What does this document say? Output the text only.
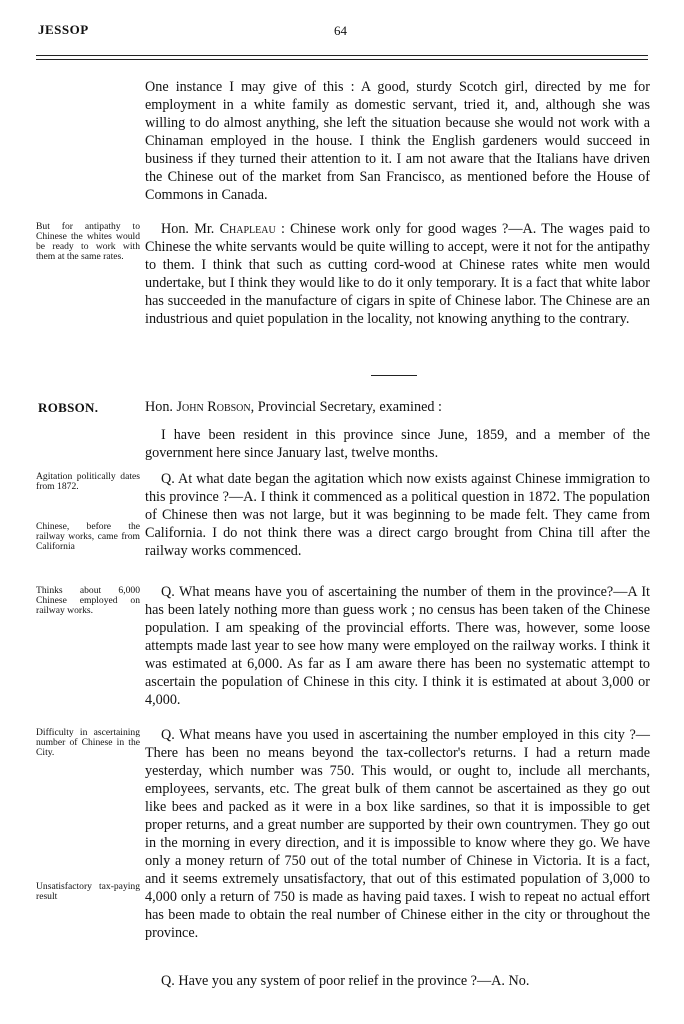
JESSOP	64

One instance I may give of this : A good, sturdy Scotch girl, directed by me for employment in a white family as domestic servant, tried it, and, although she was willing to do almost anything, she left the situation because she would not work with a Chinaman employed in the house. I think the English gardeners would succeed in business if they turned their attention to it. I am not aware that the Italians have driven the Chinese out of the market from San Francisco, as mentioned before the House of Commons in Canada.

But for antipathy to Chinese the whites would be ready to work with them at the same rates.

Hon. Mr. Chapleau : Chinese work only for good wages ?—A. The wages paid to Chinese the white servants would be quite willing to accept, were it not for the antipathy to them. I think that such as cutting cord-wood at Chinese rates white men would undertake, but I think they would like to do it only temporary. It is a fact that white labor has succeeded in the manufacture of cigars in spite of Chinese labor. The Chinese are an industrious and quiet population in the locality, not knowing anything to the contrary.

ROBSON.	Hon. John Robson, Provincial Secretary, examined :

I have been resident in this province since June, 1859, and a member of the government here since January last, twelve months.

Agitation politically dates from 1872.

Chinese, before the railway works, came from California

Q. At what date began the agitation which now exists against Chinese immigration to this province ?—A. I think it commenced as a political question in 1872. The population of Chinese then was not large, but it was beginning to be made felt. They came from California. I do not think there was a direct cargo brought from China till after the railway works commenced.

Thinks about 6,000 Chinese employed on railway works.

Q. What means have you of ascertaining the number of them in the province?—A It has been lately nothing more than guess work ; no census has been taken of the Chinese population. I am speaking of the provincial efforts. There was, however, some loose attempts made last year to see how many were employed on the railway works. I think it was estimated at 6,000. As far as I am aware there has been no systematic attempt to ascertain the population of Chinese in this city. I think it is estimated at about 3,000 or 4,000.

Difficulty in ascertaining number of Chinese in the City.

Q. What means have you used in ascertaining the number employed in this city ?—There has been no means beyond the tax-collector's returns. I had a return made yesterday, which number was 750. This would, or ought to, include all merchants, employees, servants, etc. The great bulk of them cannot be ascertained as they go out like bees and packed as it were in a box like sardines, so that it is impossible to get proper returns, and a great number are supported by their own countrymen. They go out in the morning in every direction, and it is impossible to know where they go. We have only a money return of 750 out of the total number of Chinese in Victoria. It is a fact, and it seems extremely unsatisfactory, that out of this estimated population of 3,000 to 4,000 only a return of 750 is made as having paid taxes. I wish to repeat no actual effort has been made to obtain the real number of Chinese either in the city or throughout the province.

Unsatisfactory tax-paying result

Q. Have you any system of poor relief in the province ?—A. No.
